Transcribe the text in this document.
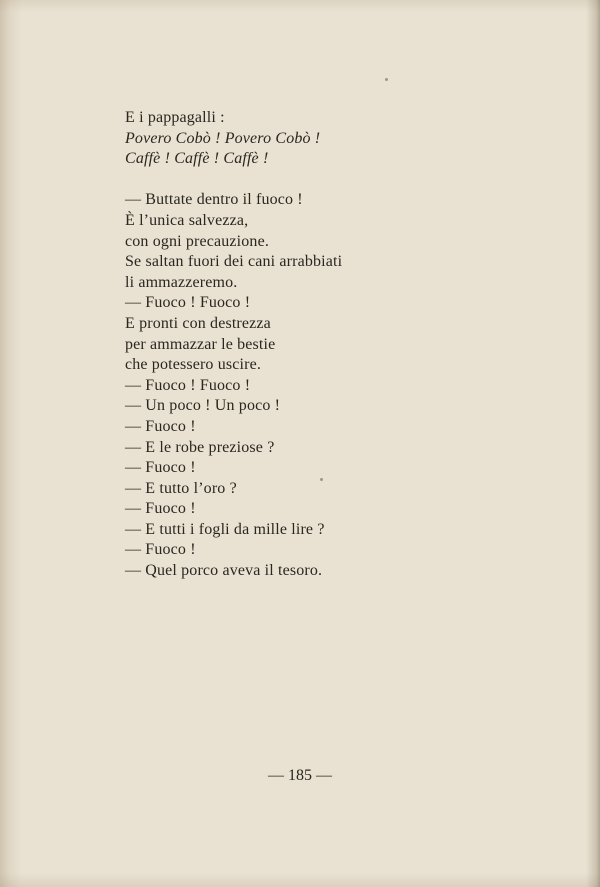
E i pappagalli :
Povero Cobò ! Povero Cobò !
Caffè ! Caffè ! Caffè !
— Buttate dentro il fuoco !
È l’unica salvezza,
con ogni precauzione.
Se saltan fuori dei cani arrabbiati
li ammazzeremo.
— Fuoco ! Fuoco !
E pronti con destrezza
per ammazzar le bestie
che potessero uscire.
— Fuoco ! Fuoco !
— Un poco ! Un poco !
— Fuoco !
— E le robe preziose ?
— Fuoco !
— E tutto l’oro ?
— Fuoco !
— E tutti i fogli da mille lire ?
— Fuoco !
— Quel porco aveva il tesoro.
— 185 —
